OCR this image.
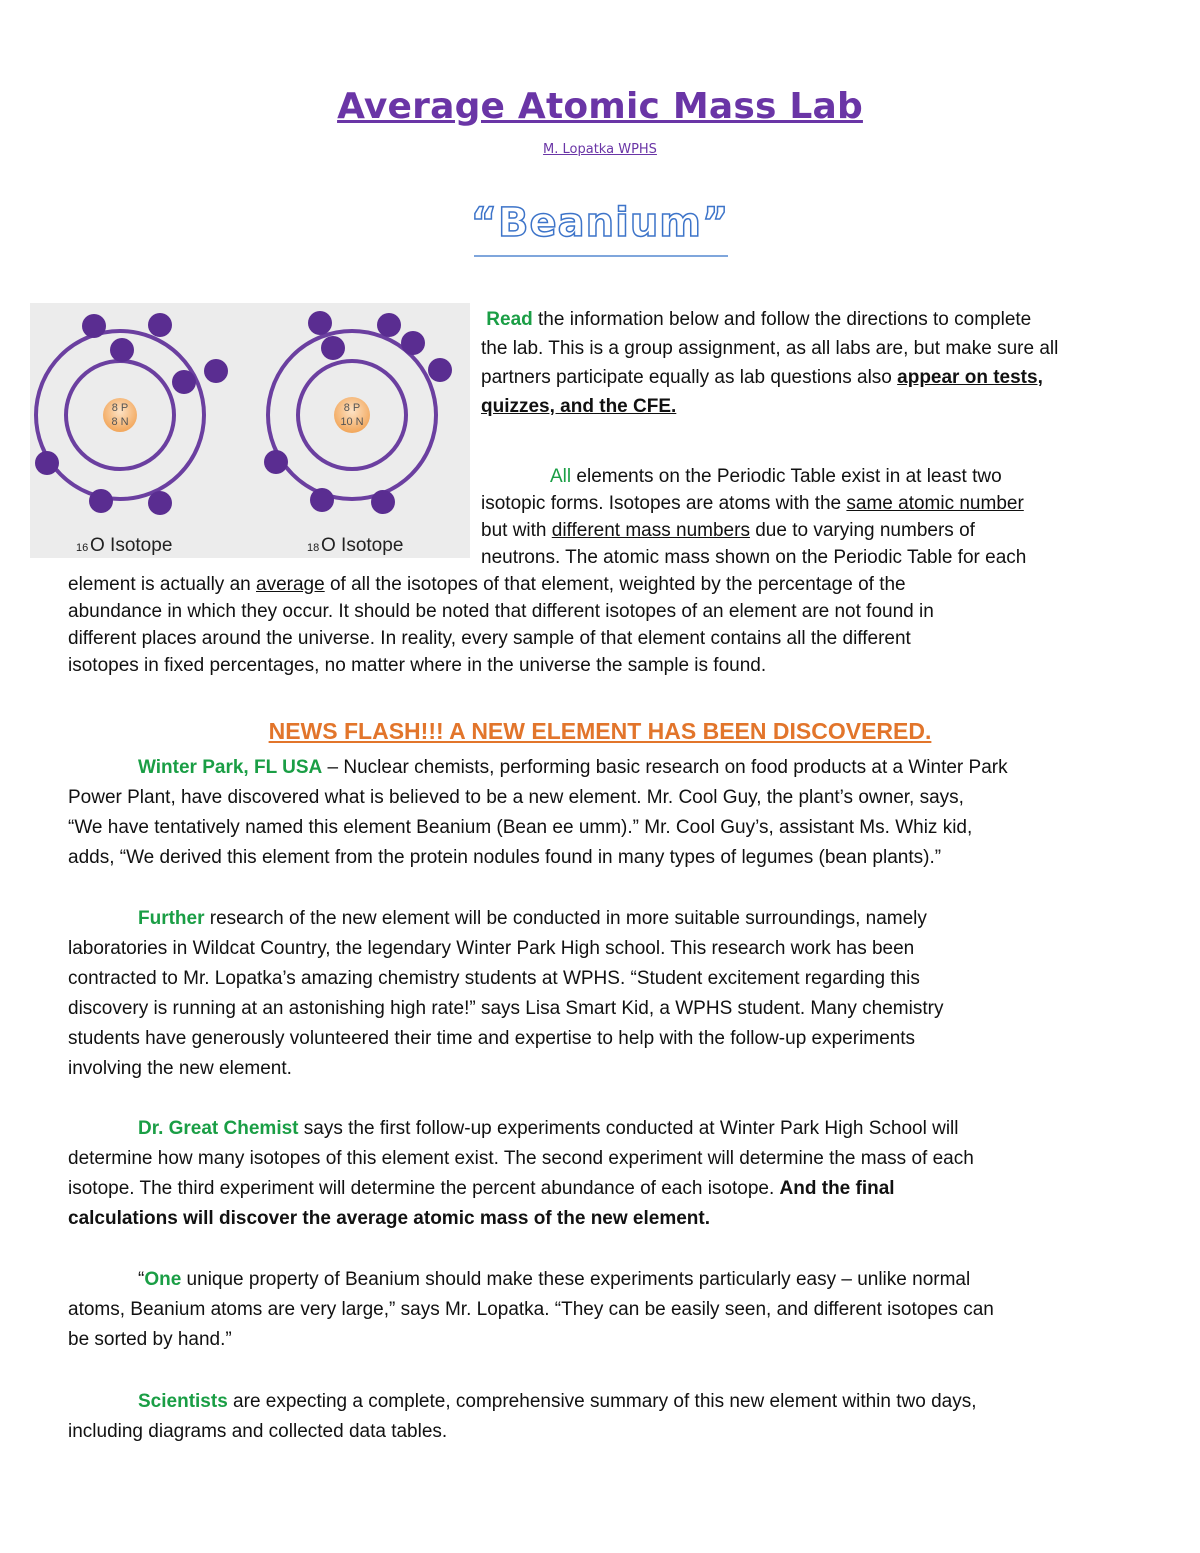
Average Atomic Mass Lab
M. Lopatka WPHS
“Beanium”
8 P
8 N
16 O Isotope
8 P
10 N
18 O Isotope
Read the information below and follow the directions to complete
the lab. This is a group assignment, as all labs are, but make sure all
partners participate equally as lab questions also appear on tests,
quizzes, and the CFE.
All elements on the Periodic Table exist in at least two
isotopic forms. Isotopes are atoms with the same atomic number
but with different mass numbers due to varying numbers of
neutrons. The atomic mass shown on the Periodic Table for each
element is actually an average of all the isotopes of that element, weighted by the percentage of the
abundance in which they occur. It should be noted that different isotopes of an element are not found in
different places around the universe. In reality, every sample of that element contains all the different
isotopes in fixed percentages, no matter where in the universe the sample is found.
NEWS FLASH!!! A NEW ELEMENT HAS BEEN DISCOVERED.
Winter Park, FL USA – Nuclear chemists, performing basic research on food products at a Winter Park
Power Plant, have discovered what is believed to be a new element. Mr. Cool Guy, the plant’s owner, says,
“We have tentatively named this element Beanium (Bean ee umm).” Mr. Cool Guy’s, assistant Ms. Whiz kid,
adds, “We derived this element from the protein nodules found in many types of legumes (bean plants).”
Further research of the new element will be conducted in more suitable surroundings, namely
laboratories in Wildcat Country, the legendary Winter Park High school. This research work has been
contracted to Mr. Lopatka’s amazing chemistry students at WPHS. “Student excitement regarding this
discovery is running at an astonishing high rate!” says Lisa Smart Kid, a WPHS student. Many chemistry
students have generously volunteered their time and expertise to help with the follow-up experiments
involving the new element.
Dr. Great Chemist says the first follow-up experiments conducted at Winter Park High School will
determine how many isotopes of this element exist. The second experiment will determine the mass of each
isotope. The third experiment will determine the percent abundance of each isotope. And the final
calculations will discover the average atomic mass of the new element.
“One unique property of Beanium should make these experiments particularly easy – unlike normal
atoms, Beanium atoms are very large,” says Mr. Lopatka. “They can be easily seen, and different isotopes can
be sorted by hand.”
Scientists are expecting a complete, comprehensive summary of this new element within two days,
including diagrams and collected data tables.
